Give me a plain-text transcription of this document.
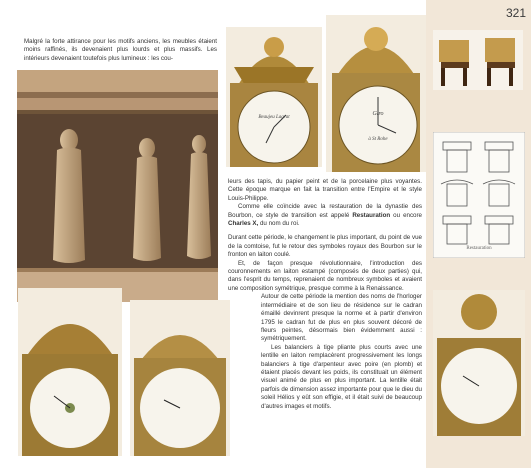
321

Malgré la forte attirance pour les motifs anciens, les meubles étaient moins raffinés, ils devenaient plus lourds et plus massifs. Les intérieurs devenaient toutefois plus lumineux : les cou-

Beaujeu Lagrat
Giro
à St Rohe
Restauration

leurs des tapis, du papier peint et de la porcelaine plus voyantes. Cette époque marque en fait la transition entre l'Empire et le style Louis-Philippe.

Comme elle coïncide avec la restauration de la dynastie des Bourbon, ce style de transition est appelé Restauration ou encore Charles X, du nom du roi.

Durant cette période, le changement le plus important, du point de vue de la comtoise, fut le retour des symboles royaux des Bourbon sur le fronton en laiton coulé.

Et, de façon presque révolutionnaire, l'introduction des couronnements en laiton estampé (composés de deux parties) qui, dans l'esprit du temps, reprenaient de nombreux symboles et avaient une composition symétrique, presque comme à la Renaissance.

Autour de cette période la mention des noms de l'horloger intermédiaire et de son lieu de résidence sur le cadran émaillé devinrent presque la norme et à partir d'environ 1795 le cadran fut de plus en plus souvent décoré de fleurs peintes, désormais bien évidemment aussi : symétriquement.

Les balanciers à tige pliante plus courts avec une lentille en laiton remplacèrent progressivement les longs balanciers à tige d'arpenteur avec poire (en plomb) et étaient placés devant les poids, ils constituait un élément visuel animé de plus en plus important. La lentille était parfois de dimension assez importante pour que le dieu du soleil Hélios y eût son effigie, et il était suivi de beaucoup d'autres images et motifs.
